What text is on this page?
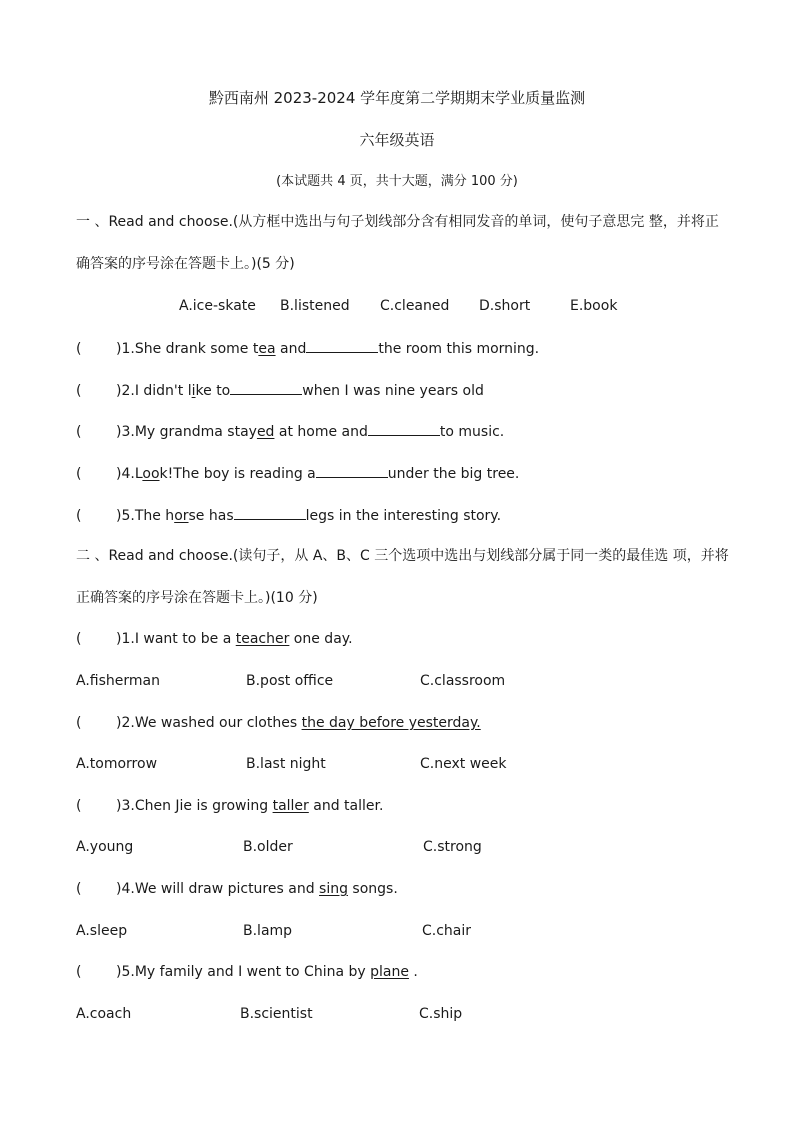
黔西南州 2023-2024 学年度第二学期期末学业质量监测
六年级英语
(本试题共 4 页，共十大题，满分 100 分)
一 、Read and choose.(从方框中选出与句子划线部分含有相同发音的单词，使句子意思完 整，并将正
确答案的序号涂在答题卡上。)(5 分)
A.ice-skate B.listened C.cleaned D.short	E.book
( )1.She drank some tea and	the room this morning.
( )2.I didn't like to	when I was nine years old
( )3.My grandma stayed at home and	to music.
( )4.Look!The boy is reading a	under the big tree.
( )5.The horse has	legs in the interesting story.
二 、Read and choose.(读句子，从 A、B、C 三个选项中选出与划线部分属于同一类的最佳选 项，并将
正确答案的序号涂在答题卡上。)(10 分)
( )1.I want to be a teacher one day.
A.fisherman	B.post office	C.classroom
( )2.We washed our clothes the day before yesterday.
A.tomorrow	B.last night	C.next week
( )3.Chen Jie is growing taller and taller.
A.young	B.older	C.strong
( )4.We will draw pictures and sing songs.
A.sleep	B.lamp	C.chair
( )5.My family and I went to China by plane .
A.coach	B.scientist	C.ship
